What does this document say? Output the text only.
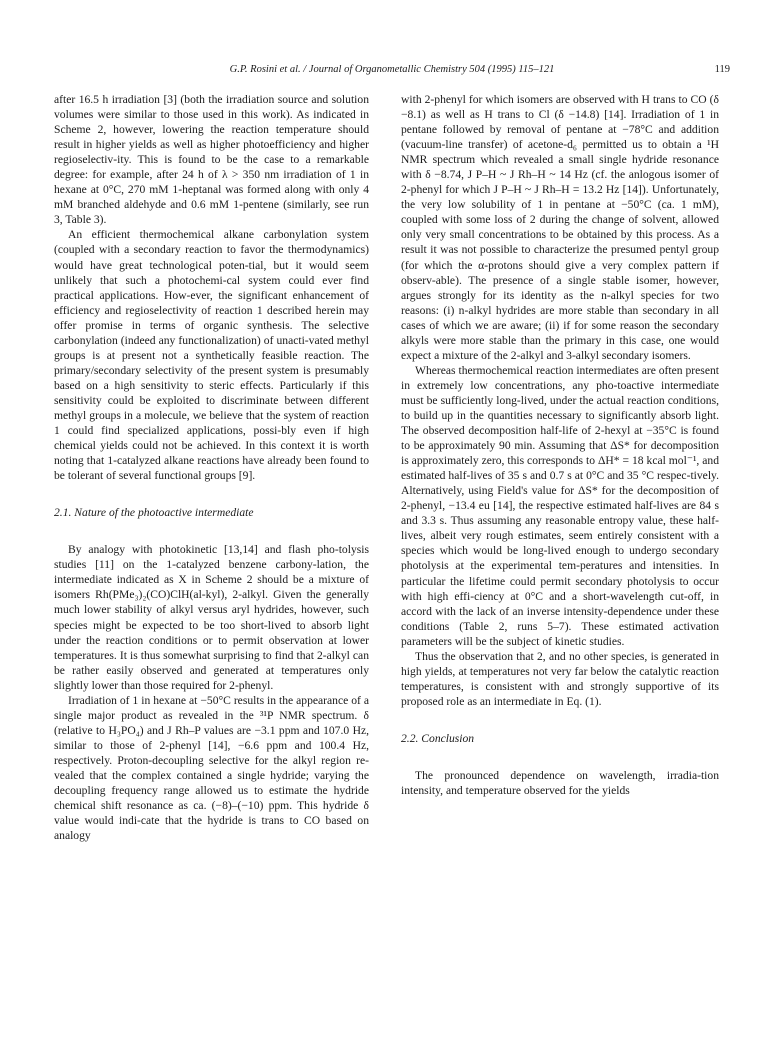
G.P. Rosini et al. / Journal of Organometallic Chemistry 504 (1995) 115–121	119

after 16.5 h irradiation [3] (both the irradiation source and solution volumes were similar to those used in this work). As indicated in Scheme 2, however, lowering the reaction temperature should result in higher yields as well as higher photoefficiency and higher regioselectiv-ity. This is found to be the case to a remarkable degree: for example, after 24 h of λ > 350 nm irradiation of 1 in hexane at 0°C, 270 mM 1-heptanal was formed along with only 4 mM branched aldehyde and 0.6 mM 1-pentene (similarly, see run 3, Table 3).

An efficient thermochemical alkane carbonylation system (coupled with a secondary reaction to favor the thermodynamics) would have great technological poten-tial, but it would seem unlikely that such a photochemi-cal system could ever find practical applications. How-ever, the significant enhancement of efficiency and regioselectivity of reaction 1 described herein may offer promise in terms of organic synthesis. The selective carbonylation (indeed any functionalization) of unacti-vated methyl groups is at present not a synthetically feasible reaction. The primary/secondary selectivity of the present system is presumably based on a high sensitivity to steric effects. Particularly if this sensitivity could be exploited to discriminate between different methyl groups in a molecule, we believe that the system of reaction 1 could find specialized applications, possi-bly even if high chemical yields could not be achieved. In this context it is worth noting that 1-catalyzed alkane reactions have already been found to be tolerant of several functional groups [9].

2.1. Nature of the photoactive intermediate

By analogy with photokinetic [13,14] and flash pho-tolysis studies [11] on the 1-catalyzed benzene carbony-lation, the intermediate indicated as X in Scheme 2 should be a mixture of isomers Rh(PMe₃)₂(CO)ClH(al-kyl), 2-alkyl. Given the generally much lower stability of alkyl versus aryl hydrides, however, such species might be expected to be too short-lived to absorb light under the reaction conditions or to permit observation at lower temperatures. It is thus somewhat surprising to find that 2-alkyl can be rather easily observed and generated at temperatures only slightly lower than those required for 2-phenyl.

Irradiation of 1 in hexane at −50°C results in the appearance of a single major product as revealed in the ³¹P NMR spectrum. δ (relative to H₃PO₄) and J Rh–P values are −3.1 ppm and 107.0 Hz, similar to those of 2-phenyl [14], −6.6 ppm and 100.4 Hz, respectively. Proton-decoupling selective for the alkyl region re-vealed that the complex contained a single hydride; varying the decoupling frequency range allowed us to estimate the hydride chemical shift resonance as ca. (−8)–(−10) ppm. This hydride δ value would indi-cate that the hydride is trans to CO based on analogy

with 2-phenyl for which isomers are observed with H trans to CO (δ −8.1) as well as H trans to Cl (δ −14.8) [14]. Irradiation of 1 in pentane followed by removal of pentane at −78°C and addition (vacuum-line transfer) of acetone-d₆ permitted us to obtain a ¹H NMR spectrum which revealed a small single hydride resonance with δ −8.74, J P–H ~ J Rh–H ~ 14 Hz (cf. the anlogous isomer of 2-phenyl for which J P–H ~ J Rh–H = 13.2 Hz [14]). Unfortunately, the very low solubility of 1 in pentane at −50°C (ca. 1 mM), coupled with some loss of 2 during the change of solvent, allowed only very small concentrations to be obtained by this process. As a result it was not possible to characterize the presumed pentyl group (for which the α-protons should give a very complex pattern if observ-able). The presence of a single stable isomer, however, argues strongly for its identity as the n-alkyl species for two reasons: (i) n-alkyl hydrides are more stable than secondary in all cases of which we are aware; (ii) if for some reason the secondary alkyls were more stable than the primary in this case, one would expect a mixture of the 2-alkyl and 3-alkyl secondary isomers.

Whereas thermochemical reaction intermediates are often present in extremely low concentrations, any pho-toactive intermediate must be sufficiently long-lived, under the actual reaction conditions, to build up in the quantities necessary to significantly absorb light. The observed decomposition half-life of 2-hexyl at −35°C is found to be approximately 90 min. Assuming that ΔS* for decomposition is approximately zero, this corresponds to ΔH* = 18 kcal mol⁻¹, and estimated half-lives of 35 s and 0.7 s at 0°C and 35 °C respec-tively. Alternatively, using Field's value for ΔS* for the decomposition of 2-phenyl, −13.4 eu [14], the respective estimated half-lives are 84 s and 3.3 s. Thus assuming any reasonable entropy value, these half-lives, albeit very rough estimates, seem entirely consistent with a species which would be long-lived enough to undergo secondary photolysis at the experimental tem-peratures and intensities. In particular the lifetime could permit secondary photolysis to occur with high effi-ciency at 0°C and a short-wavelength cut-off, in accord with the lack of an inverse intensity-dependence under these conditions (Table 2, runs 5–7). These estimated activation parameters will be the subject of kinetic studies.

Thus the observation that 2, and no other species, is generated in high yields, at temperatures not very far below the catalytic reaction temperatures, is consistent with and strongly supportive of its proposed role as an intermediate in Eq. (1).

2.2. Conclusion

The pronounced dependence on wavelength, irradia-tion intensity, and temperature observed for the yields
